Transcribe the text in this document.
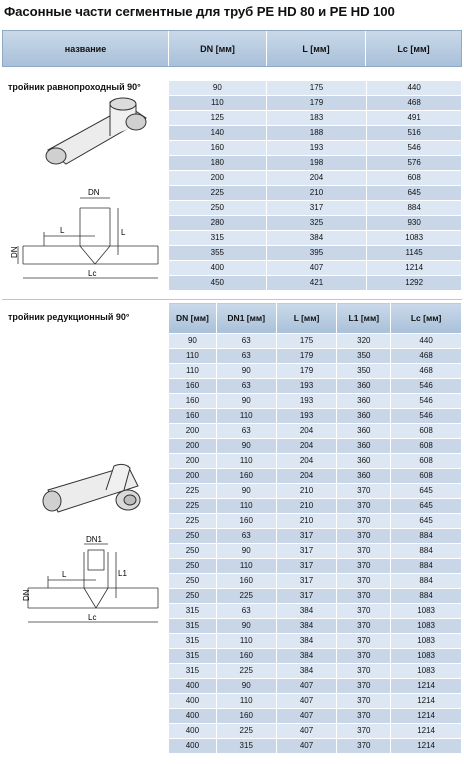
Фасонные части сегментные для труб PE HD 80 и PE HD 100
название	DN [мм]	L [мм]	Lc [мм]
тройник равнопроходный 90°
DN
L	L
DN
Lc
90	175	440
110	179	468
125	183	491
140	188	516
160	193	546
180	198	576
200	204	608
225	210	645
250	317	884
280	325	930
315	384	1083
355	395	1145
400	407	1214
450	421	1292
тройник редукционный 90°	DN [мм]	DN1 [мм]	L [мм]	L1 [мм]	Lc [мм]
90	63	175	320	440
110	63	179	350	468
110	90	179	350	468
160	63	193	360	546
160	90	193	360	546
160	110	193	360	546
200	63	204	360	608
200	90	204	360	608
200	110	204	360	608
200	160	204	360	608
225	90	210	370	645
225	110	210	370	645
225	160	210	370	645
250	63	317	370	884
250	90	317	370	884
250	110	317	370	884
250	160	317	370	884
250	225	317	370	884
315	63	384	370	1083
315	90	384	370	1083
315	110	384	370	1083
315	160	384	370	1083
315	225	384	370	1083
400	90	407	370	1214
400	110	407	370	1214
400	160	407	370	1214
400	225	407	370	1214
400	315	407	370	1214
DN1
L	L1
DN
Lc
